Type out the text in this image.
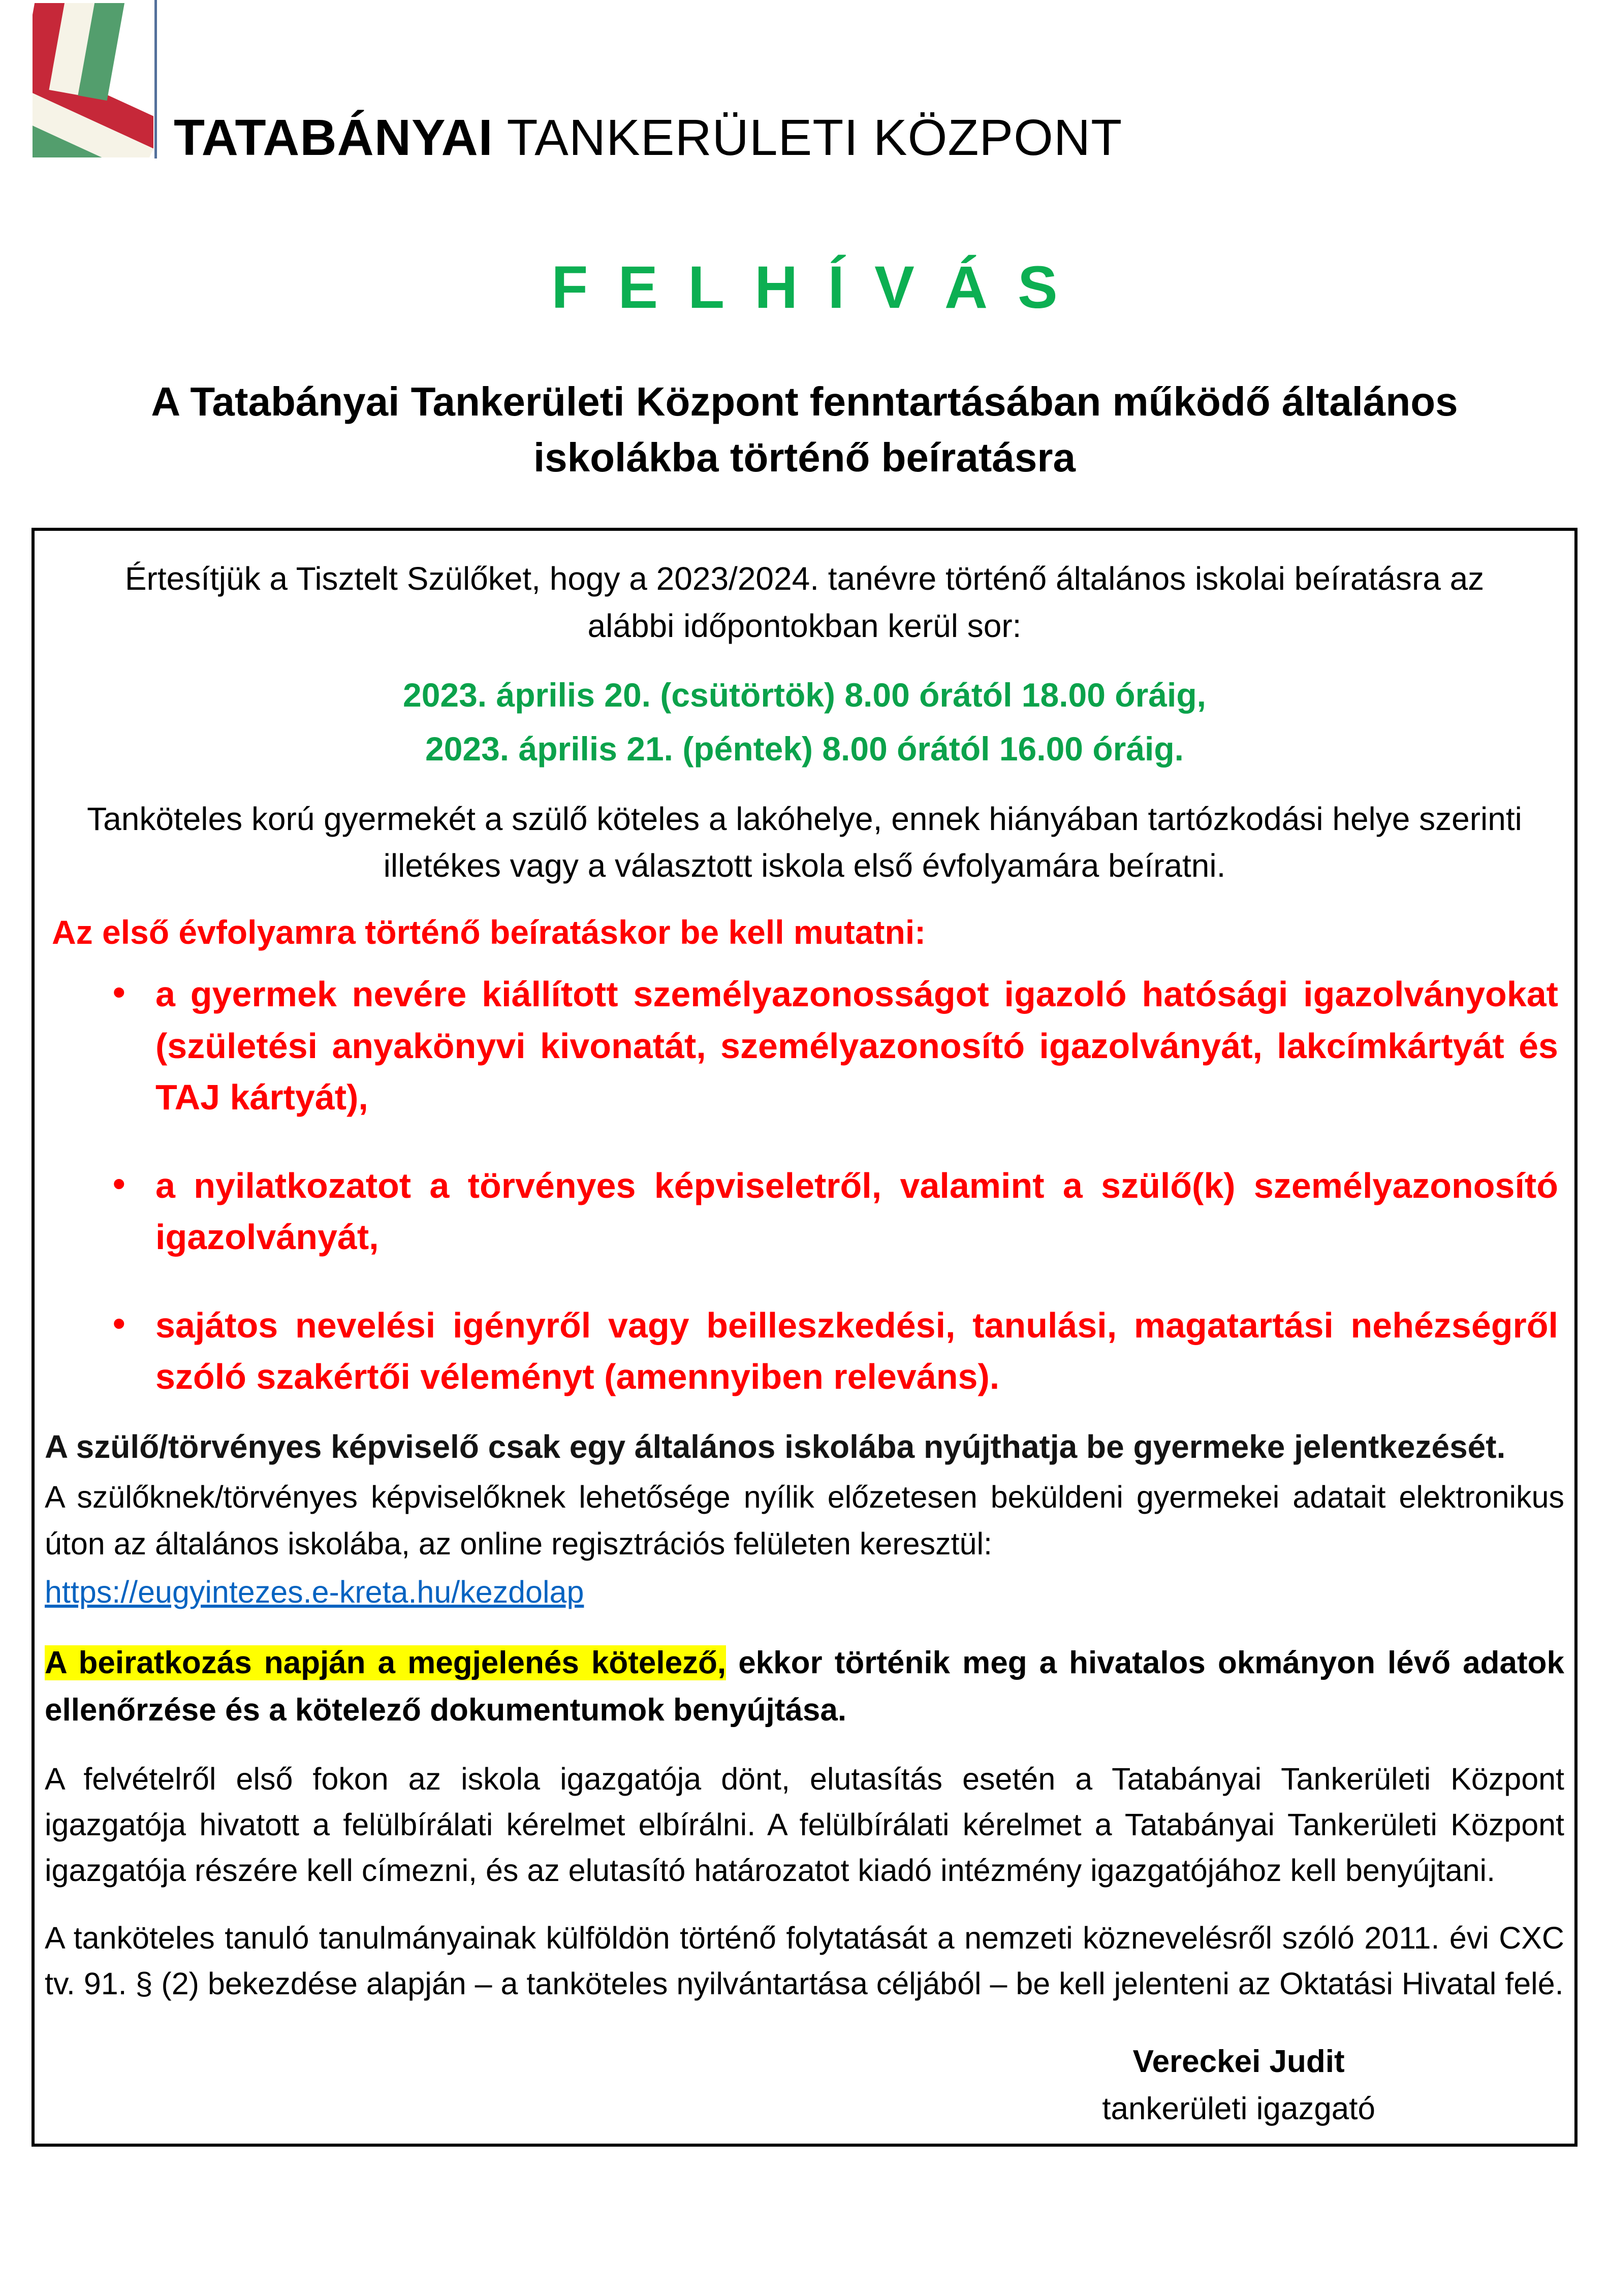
TATABÁNYAI TANKERÜLETI KÖZPONT
FELHÍVÁS
A Tatabányai Tankerületi Központ fenntartásában működő általános iskolákba történő beíratásra
Értesítjük a Tisztelt Szülőket, hogy a 2023/2024. tanévre történő általános iskolai beíratásra az alábbi időpontokban kerül sor:
2023. április 20. (csütörtök) 8.00 órától 18.00 óráig,
2023. április 21. (péntek) 8.00 órától 16.00 óráig.
Tanköteles korú gyermekét a szülő köteles a lakóhelye, ennek hiányában tartózkodási helye szerinti illetékes vagy a választott iskola első évfolyamára beíratni.
Az első évfolyamra történő beíratáskor be kell mutatni:
• a gyermek nevére kiállított személyazonosságot igazoló hatósági igazolványokat (születési anyakönyvi kivonatát, személyazonosító igazolványát, lakcímkártyát és TAJ kártyát),
• a nyilatkozatot a törvényes képviseletről, valamint a szülő(k) személyazonosító igazolványát,
• sajátos nevelési igényről vagy beilleszkedési, tanulási, magatartási nehézségről szóló szakértői véleményt (amennyiben releváns).
A szülő/törvényes képviselő csak egy általános iskolába nyújthatja be gyermeke jelentkezését.
A szülőknek/törvényes képviselőknek lehetősége nyílik előzetesen beküldeni gyermekei adatait elektronikus úton az általános iskolába, az online regisztrációs felületen keresztül:
https://eugyintezes.e-kreta.hu/kezdolap
A beiratkozás napján a megjelenés kötelező, ekkor történik meg a hivatalos okmányon lévő adatok ellenőrzése és a kötelező dokumentumok benyújtása.
A felvételről első fokon az iskola igazgatója dönt, elutasítás esetén a Tatabányai Tankerületi Központ igazgatója hivatott a felülbírálati kérelmet elbírálni. A felülbírálati kérelmet a Tatabányai Tankerületi Központ igazgatója részére kell címezni, és az elutasító határozatot kiadó intézmény igazgatójához kell benyújtani.
A tanköteles tanuló tanulmányainak külföldön történő folytatását a nemzeti köznevelésről szóló 2011. évi CXC tv. 91. § (2) bekezdése alapján – a tanköteles nyilvántartása céljából – be kell jelenteni az Oktatási Hivatal felé.
Vereckei Judit
tankerületi igazgató
